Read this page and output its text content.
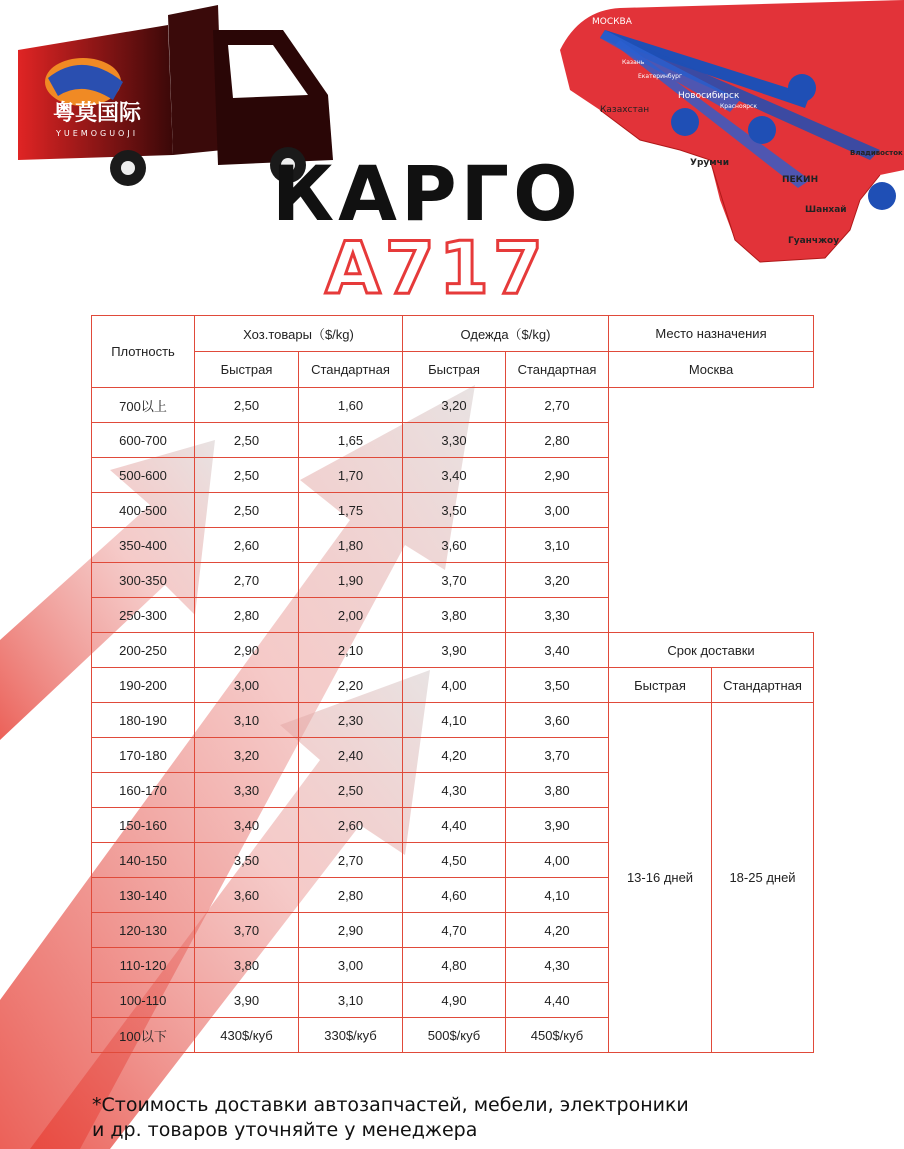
粤莫国际
YUEMOGUOJI
МОСКВА
Казань
Екатеринбург
Новосибирск
Красноярск
Казахстан
Урумчи
Владивосток
ПЕКИН
Шанхай
Гуанчжоу
КАРГО
А717
Плотность	Хоз.товары（$/kg)		Одежда（$/kg)		Место назначения	
	Быстрая	Стандартная	Быстрая	Стандартная	Москва	
700以上	2,50	1,60	3,20	2,70		
600-700	2,50	1,65	3,30	2,80		
500-600	2,50	1,70	3,40	2,90		
400-500	2,50	1,75	3,50	3,00		
350-400	2,60	1,80	3,60	3,10		
300-350	2,70	1,90	3,70	3,20		
250-300	2,80	2,00	3,80	3,30		
200-250	2,90	2,10	3,90	3,40	Срок доставки	
190-200	3,00	2,20	4,00	3,50	Быстрая	Стандартная
180-190	3,10	2,30	4,10	3,60	13-16 дней	18-25 дней
170-180	3,20	2,40	4,20	3,70		
160-170	3,30	2,50	4,30	3,80		
150-160	3,40	2,60	4,40	3,90		
140-150	3,50	2,70	4,50	4,00		
130-140	3,60	2,80	4,60	4,10		
120-130	3,70	2,90	4,70	4,20		
110-120	3,80	3,00	4,80	4,30		
100-110	3,90	3,10	4,90	4,40		
100以下	430$/куб	330$/куб	500$/куб	450$/куб		
*Стоимость доставки автозапчастей, мебели, электроники
и др. товаров уточняйте у менеджера
